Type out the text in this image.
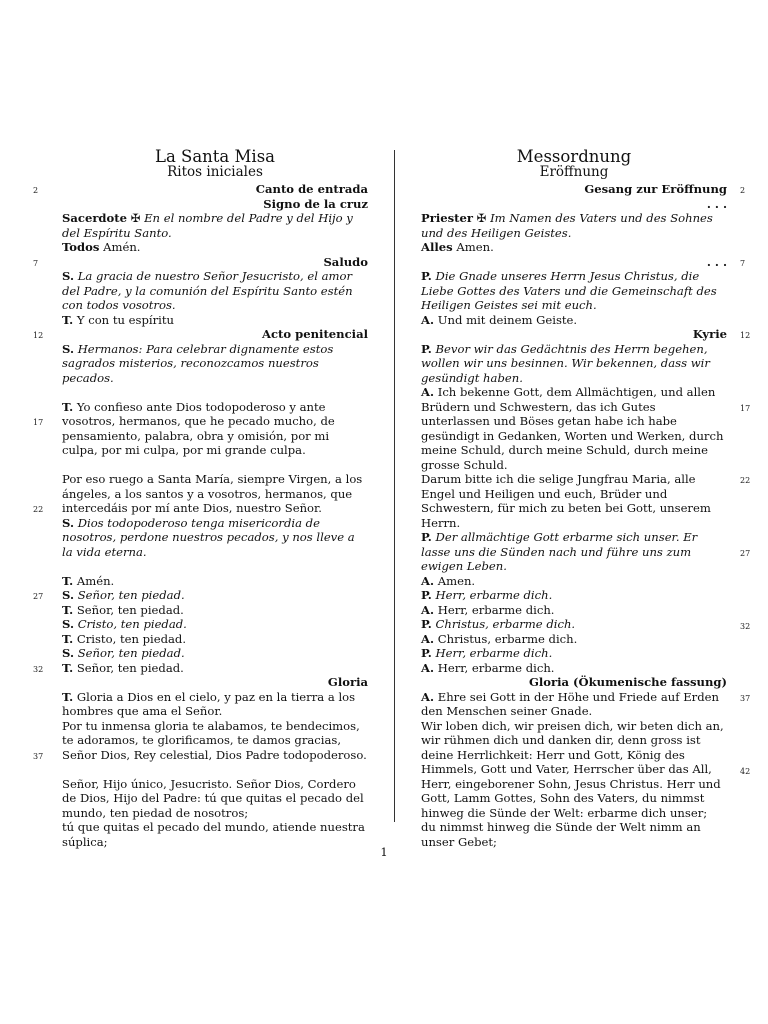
La Santa Misa

Ritos iniciales

Canto de entrada

Signo de la cruz

Sacerdote ✠ En el nombre del Padre y del Hijo y del Espíritu Santo.

Todos Amén.

Saludo

S. La gracia de nuestro Señor Jesucristo, el amor del Padre, y la comunión del Espíritu Santo estén con todos vosotros.

T. Y con tu espíritu

Acto penitencial

S. Hermanos: Para celebrar dignamente estos sagrados misterios, reconozcamos nuestros pecados.

T. Yo confieso ante Dios todopoderoso y ante vosotros, hermanos, que he pecado mucho, de pensamiento, palabra, obra y omisión, por mi culpa, por mi culpa, por mi grande culpa.

Por eso ruego a Santa María, siempre Virgen, a los ángeles, a los santos y a vosotros, hermanos, que intercedáis por mí ante Dios, nuestro Señor.

S. Dios todopoderoso tenga misericordia de nosotros, perdone nuestros pecados, y nos lleve a la vida eterna.

T. Amén.

S. Señor, ten piedad.

T. Señor, ten piedad.

S. Cristo, ten piedad.

T. Cristo, ten piedad.

S. Señor, ten piedad.

T. Señor, ten piedad.

Gloria

T. Gloria a Dios en el cielo, y paz en la tierra a los hombres que ama el Señor.

Por tu inmensa gloria te alabamos, te bendecimos, te adoramos, te glorificamos, te damos gracias, Señor Dios, Rey celestial, Dios Padre todopoderoso.

Señor, Hijo único, Jesucristo. Señor Dios, Cordero de Dios, Hijo del Padre: tú que quitas el pecado del mundo, ten piedad de nosotros;

tú que quitas el pecado del mundo, atiende nuestra súplica;

Messordnung

Eröffnung

Gesang zur Eröffnung

. . .

Priester ✠ Im Namen des Vaters und des Sohnes und des Heiligen Geistes.

Alles Amen.

. . .

P. Die Gnade unseres Herrn Jesus Christus, die Liebe Gottes des Vaters und die Gemeinschaft des Heiligen Geistes sei mit euch.

A. Und mit deinem Geiste.

Kyrie

P. Bevor wir das Gedächtnis des Herrn begehen, wollen wir uns besinnen. Wir bekennen, dass wir gesündigt haben.

A. Ich bekenne Gott, dem Allmächtigen, und allen Brüdern und Schwestern, das ich Gutes unterlassen und Böses getan habe ich habe gesündigt in Gedanken, Worten und Werken, durch meine Schuld, durch meine Schuld, durch meine grosse Schuld.

Darum bitte ich die selige Jungfrau Maria, alle Engel und Heiligen und euch, Brüder und Schwestern, für mich zu beten bei Gott, unserem Herrn.

P. Der allmächtige Gott erbarme sich unser. Er lasse uns die Sünden nach und führe uns zum ewigen Leben.

A. Amen.

P. Herr, erbarme dich.

A. Herr, erbarme dich.

P. Christus, erbarme dich.

A. Christus, erbarme dich.

P. Herr, erbarme dich.

A. Herr, erbarme dich.

Gloria (Ökumenische fassung)

A. Ehre sei Gott in der Höhe und Friede auf Erden den Menschen seiner Gnade.

Wir loben dich, wir preisen dich, wir beten dich an, wir rühmen dich und danken dir, denn gross ist deine Herrlichkeit: Herr und Gott, König des Himmels, Gott und Vater, Herrscher über das All,

Herr, eingeborener Sohn, Jesus Christus. Herr und Gott, Lamm Gottes, Sohn des Vaters, du nimmst hinweg die Sünde der Welt: erbarme dich unser;

du nimmst hinweg die Sünde der Welt nimm an unser Gebet;

2
7
12
17
22
27
32
37
2
7
12
17
22
27
32
37
42
1
